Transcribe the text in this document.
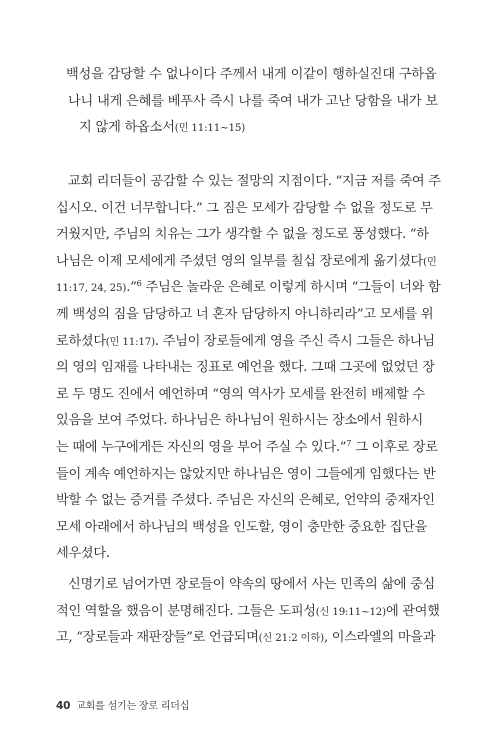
백성을 감당할 수 없나이다 주께서 내게 이같이 행하실진대 구하옵
나니 내게 은혜를 베푸사 즉시 나를 죽여 내가 고난 당함을 내가 보
지 않게 하옵소서(민 11:11~15)
교회 리더들이 공감할 수 있는 절망의 지점이다. “지금 저를 죽여 주
십시오. 이건 너무합니다.” 그 짐은 모세가 감당할 수 없을 정도로 무
거웠지만, 주님의 치유는 그가 생각할 수 없을 정도로 풍성했다. “하
나님은 이제 모세에게 주셨던 영의 일부를 칠십 장로에게 옮기셨다(민
11:17, 24, 25).”$^6$ 주님은 놀라운 은혜로 이렇게 하시며 “그들이 너와 함
께 백성의 짐을 담당하고 너 혼자 담당하지 아니하리라”고 모세를 위
로하셨다(민 11:17). 주님이 장로들에게 영을 주신 즉시 그들은 하나님
의 영의 임재를 나타내는 징표로 예언을 했다. 그때 그곳에 없었던 장
로 두 명도 진에서 예언하며 “영의 역사가 모세를 완전히 배제할 수
있음을 보여 주었다. 하나님은 하나님이 원하시는 장소에서 원하시
는 때에 누구에게든 자신의 영을 부어 주실 수 있다.”$^7$ 그 이후로 장로
들이 계속 예언하지는 않았지만 하나님은 영이 그들에게 임했다는 반
박할 수 없는 증거를 주셨다. 주님은 자신의 은혜로, 언약의 중재자인
모세 아래에서 하나님의 백성을 인도할, 영이 충만한 중요한 집단을
세우셨다.
신명기로 넘어가면 장로들이 약속의 땅에서 사는 민족의 삶에 중심
적인 역할을 했음이 분명해진다. 그들은 도피성(신 19:11~12)에 관여했
고, “장로들과 재판장들”로 언급되며(신 21:2 이하), 이스라엘의 마을과
40 교회를 섬기는 장로 리더십
